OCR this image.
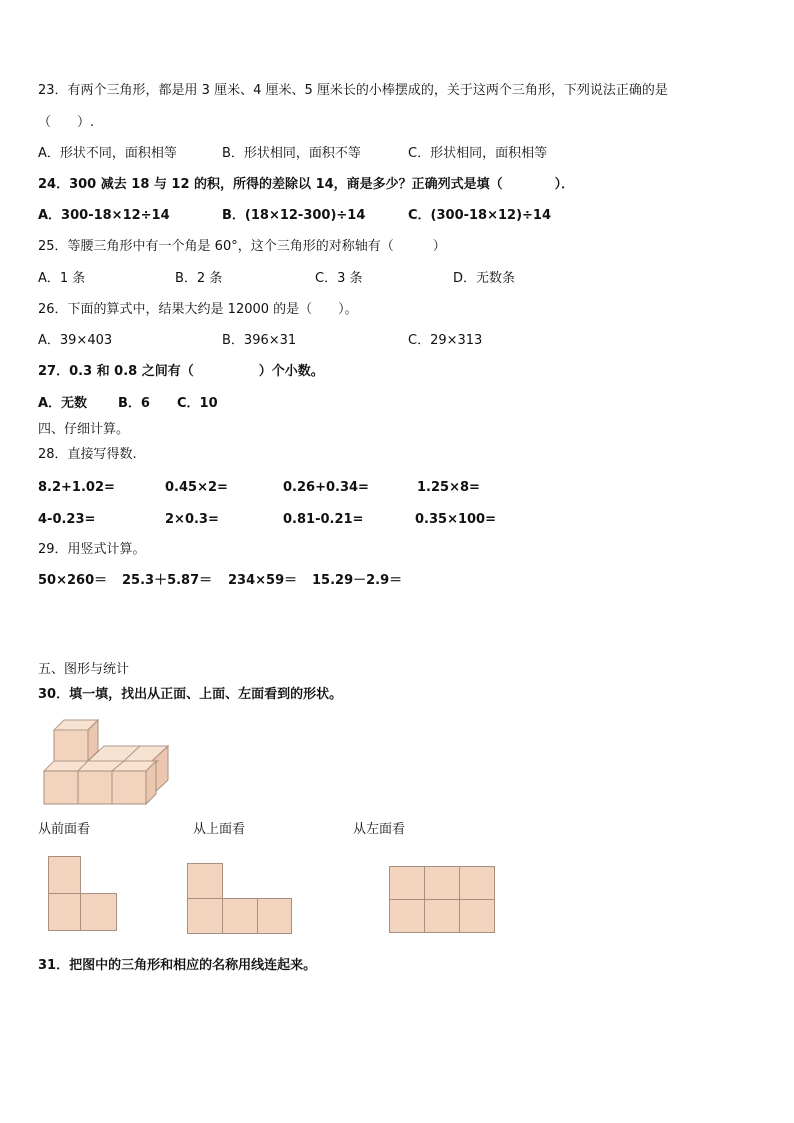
23．有两个三角形，都是用 3 厘米、4 厘米、5 厘米长的小棒摆成的，关于这两个三角形，下列说法正确的是
（　　）.
A．形状不同，面积相等	B．形状相同，面积不等	C．形状相同，面积相等
24．300 减去 18 与 12 的积，所得的差除以 14，商是多少？正确列式是填（　　　　）．
A．300-18×12÷14	B．(18×12-300)÷14	C．(300-18×12)÷14
25．等腰三角形中有一个角是 60°，这个三角形的对称轴有（　　　）
A．1 条	B．2 条	C．3 条	D．无数条
26．下面的算式中，结果大约是 12000 的是（　　）。
A．39×403	B．396×31	C．29×313
27．0.3 和 0.8 之间有（　　　　　）个小数。
A．无数 B．6 C．10
四、仔细计算。
28．直接写得数.
8.2+1.02=	0.45×2=	0.26+0.34=	1.25×8=
4-0.23=	2×0.3=	0.81-0.21=	0.35×100=
29．用竖式计算。
50×260＝ 25.3＋5.87＝ 234×59＝ 15.29－2.9＝
五、图形与统计
30．填一填，找出从正面、上面、左面看到的形状。
从前面看	从上面看	从左面看
31．把图中的三角形和相应的名称用线连起来。
